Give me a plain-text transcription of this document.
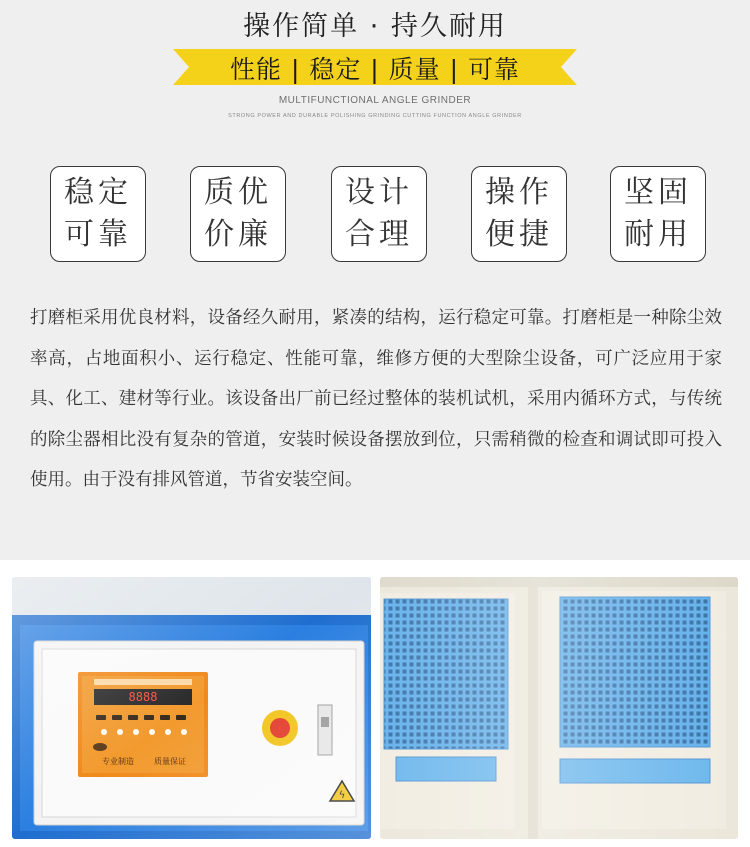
操作简单 · 持久耐用
性能 | 稳定 | 质量 | 可靠
MULTIFUNCTIONAL ANGLE GRINDER
STRONG POWER AND DURABLE POLISHING GRINDING CUTTING FUNCTION ANGLE GRINDER
稳定
可靠
质优
价廉
设计
合理
操作
便捷
坚固
耐用
打磨柜采用优良材料，设备经久耐用，紧凑的结构，运行稳定可靠。打磨柜是一种除尘效率高，占地面积小、运行稳定、性能可靠，维修方便的大型除尘设备，可广泛应用于家具、化工、建材等行业。该设备出厂前已经过整体的装机试机，采用内循环方式，与传统的除尘器相比没有复杂的管道，安装时候设备摆放到位，只需稍微的检查和调试即可投入使用。由于没有排风管道，节省安装空间。
